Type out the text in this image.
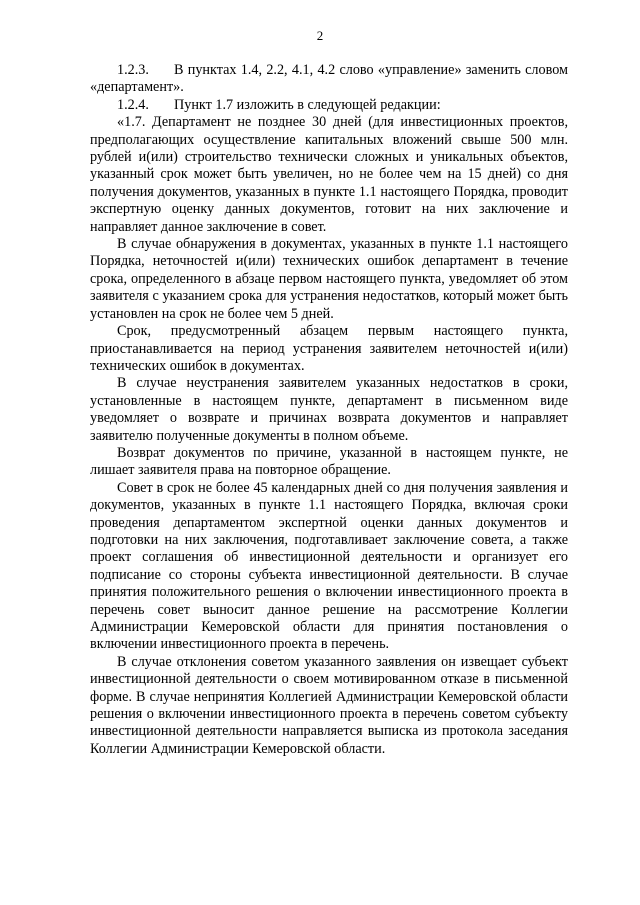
2

1.2.3. В пунктах 1.4, 2.2, 4.1, 4.2 слово «управление» заменить словом «департамент».

1.2.4. Пункт 1.7 изложить в следующей редакции:

«1.7. Департамент не позднее 30 дней (для инвестиционных проектов, предполагающих осуществление капитальных вложений свыше 500 млн. рублей и(или) строительство технически сложных и уникальных объектов, указанный срок может быть увеличен, но не более чем на 15 дней) со дня получения документов, указанных в пункте 1.1 настоящего Порядка, проводит экспертную оценку данных документов, готовит на них заключение и направляет данное заключение в совет.

В случае обнаружения в документах, указанных в пункте 1.1 настоящего Порядка, неточностей и(или) технических ошибок департамент в течение срока, определенного в абзаце первом настоящего пункта, уведомляет об этом заявителя с указанием срока для устранения недостатков, который может быть установлен на срок не более чем 5 дней.

Срок, предусмотренный абзацем первым настоящего пункта, приостанавливается на период устранения заявителем неточностей и(или) технических ошибок в документах.

В случае неустранения заявителем указанных недостатков в сроки, установленные в настоящем пункте, департамент в письменном виде уведомляет о возврате и причинах возврата документов и направляет заявителю полученные документы в полном объеме.

Возврат документов по причине, указанной в настоящем пункте, не лишает заявителя права на повторное обращение.

Совет в срок не более 45 календарных дней со дня получения заявления и документов, указанных в пункте 1.1 настоящего Порядка, включая сроки проведения департаментом экспертной оценки данных документов и подготовки на них заключения, подготавливает заключение совета, а также проект соглашения об инвестиционной деятельности и организует его подписание со стороны субъекта инвестиционной деятельности. В случае принятия положительного решения о включении инвестиционного проекта в перечень совет выносит данное решение на рассмотрение Коллегии Администрации Кемеровской области для принятия постановления о включении инвестиционного проекта в перечень.

В случае отклонения советом указанного заявления он извещает субъект инвестиционной деятельности о своем мотивированном отказе в письменной форме. В случае непринятия Коллегией Администрации Кемеровской области решения о включении инвестиционного проекта в перечень советом субъекту инвестиционной деятельности направляется выписка из протокола заседания Коллегии Администрации Кемеровской области.
